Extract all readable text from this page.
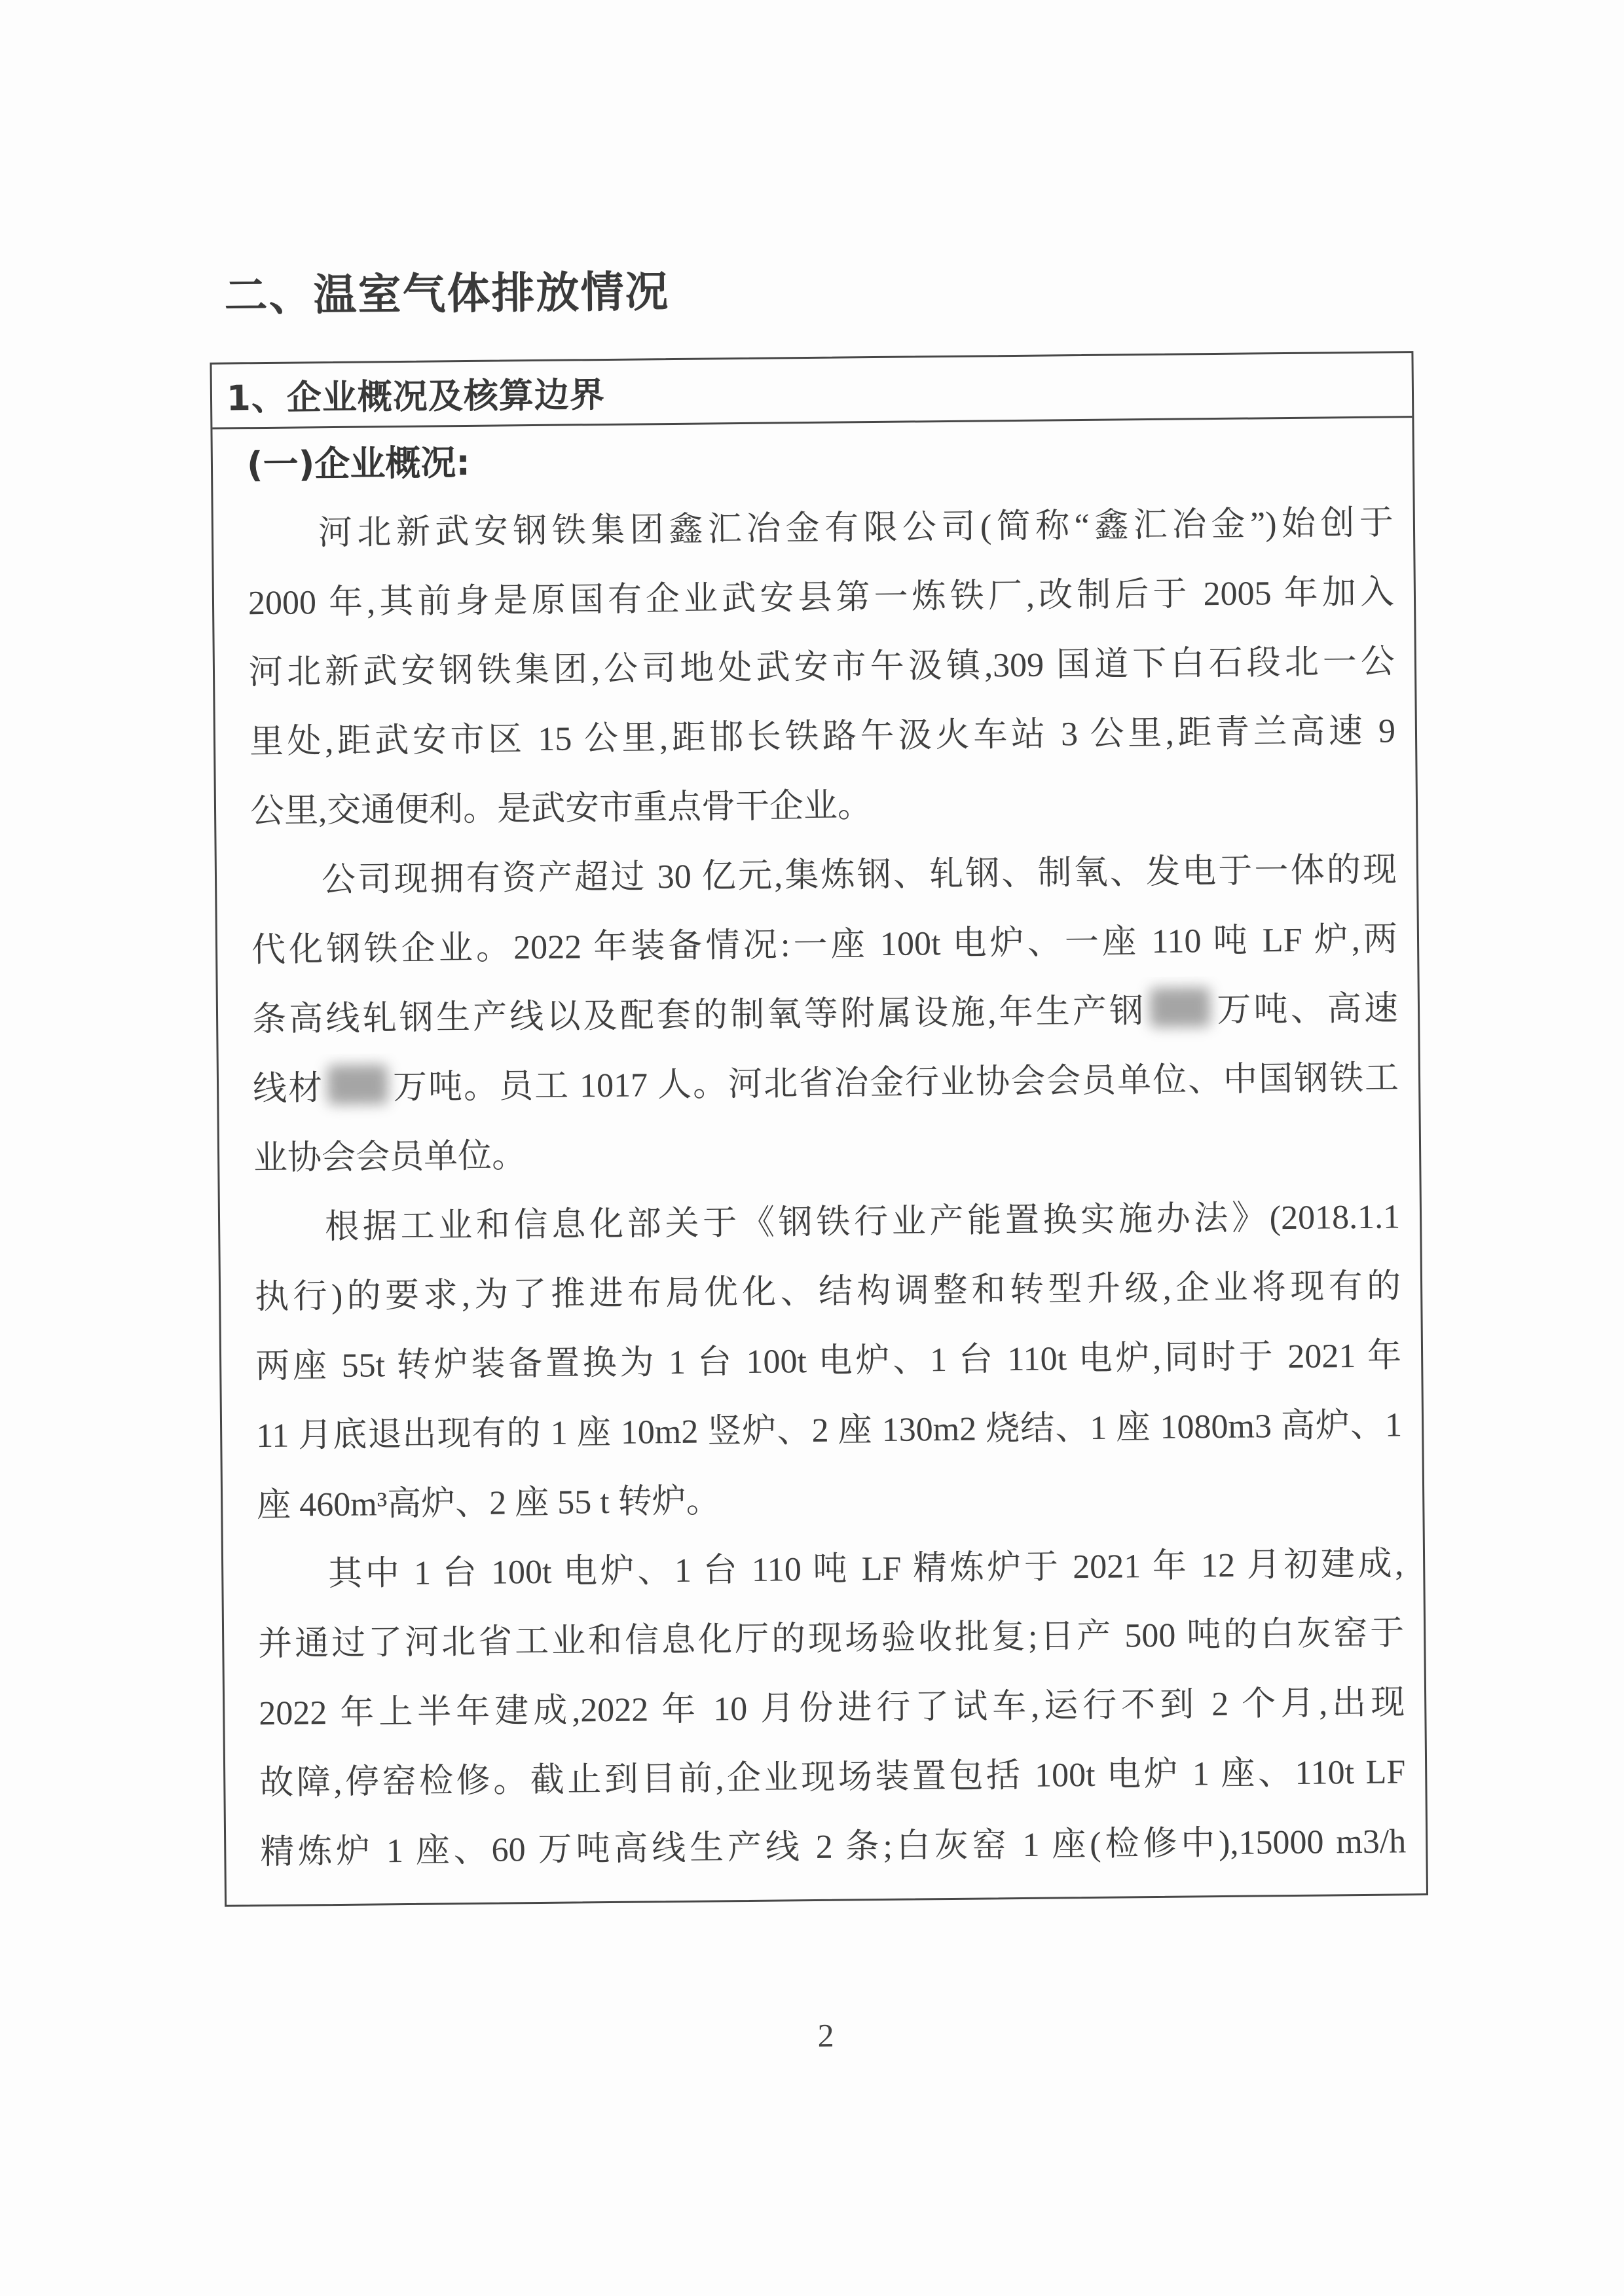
二、温室气体排放情况
1、企业概况及核算边界
(一)企业概况:
河北新武安钢铁集团鑫汇冶金有限公司(简称“鑫汇冶金”)始创于
2000 年,其前身是原国有企业武安县第一炼铁厂,改制后于 2005 年加入
河北新武安钢铁集团,公司地处武安市午汲镇,309 国道下白石段北一公
里处,距武安市区 15 公里,距邯长铁路午汲火车站 3 公里,距青兰高速 9
公里,交通便利。是武安市重点骨干企业。
公司现拥有资产超过 30 亿元,集炼钢、轧钢、制氧、发电于一体的现
代化钢铁企业。2022 年装备情况:一座 100t 电炉、一座 110 吨 LF 炉,两
条高线轧钢生产线以及配套的制氧等附属设施,年生产钢 万吨、高速
线材 万吨。员工 1017 人。河北省冶金行业协会会员单位、中国钢铁工
业协会会员单位。
根据工业和信息化部关于《钢铁行业产能置换实施办法》(2018.1.1
执行)的要求,为了推进布局优化、结构调整和转型升级,企业将现有的
两座 55t 转炉装备置换为 1 台 100t 电炉、1 台 110t 电炉,同时于 2021 年
11 月底退出现有的 1 座 10m2 竖炉、2 座 130m2 烧结、1 座 1080m3 高炉、1
座 460m³高炉、2 座 55 t 转炉。
其中 1 台 100t 电炉、1 台 110 吨 LF 精炼炉于 2021 年 12 月初建成,
并通过了河北省工业和信息化厅的现场验收批复;日产 500 吨的白灰窑于
2022 年上半年建成,2022 年 10 月份进行了试车,运行不到 2 个月,出现
故障,停窑检修。截止到目前,企业现场装置包括 100t 电炉 1 座、110t LF
精炼炉 1 座、60 万吨高线生产线 2 条;白灰窑 1 座(检修中),15000 m3/h
2
